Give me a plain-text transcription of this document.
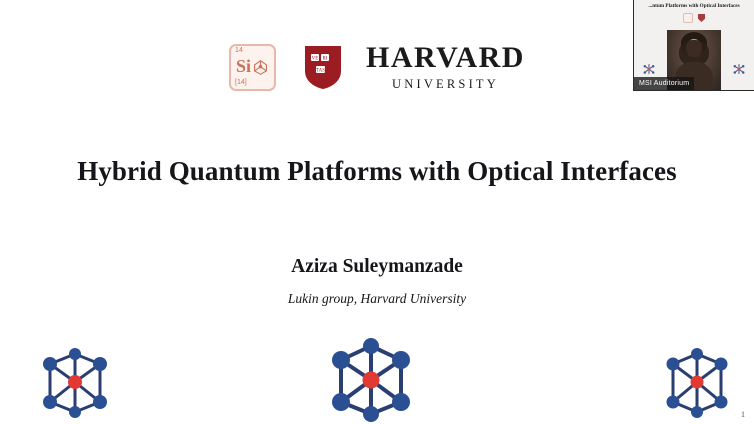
14
Si
[14]
VE RI
TAS HARVARD
UNIVERSITY
Hybrid Quantum Platforms with Optical Interfaces
Aziza Suleymanzade
Lukin group, Harvard University
1
...ntum Platforms with Optical Interfaces
MSI Auditorium
